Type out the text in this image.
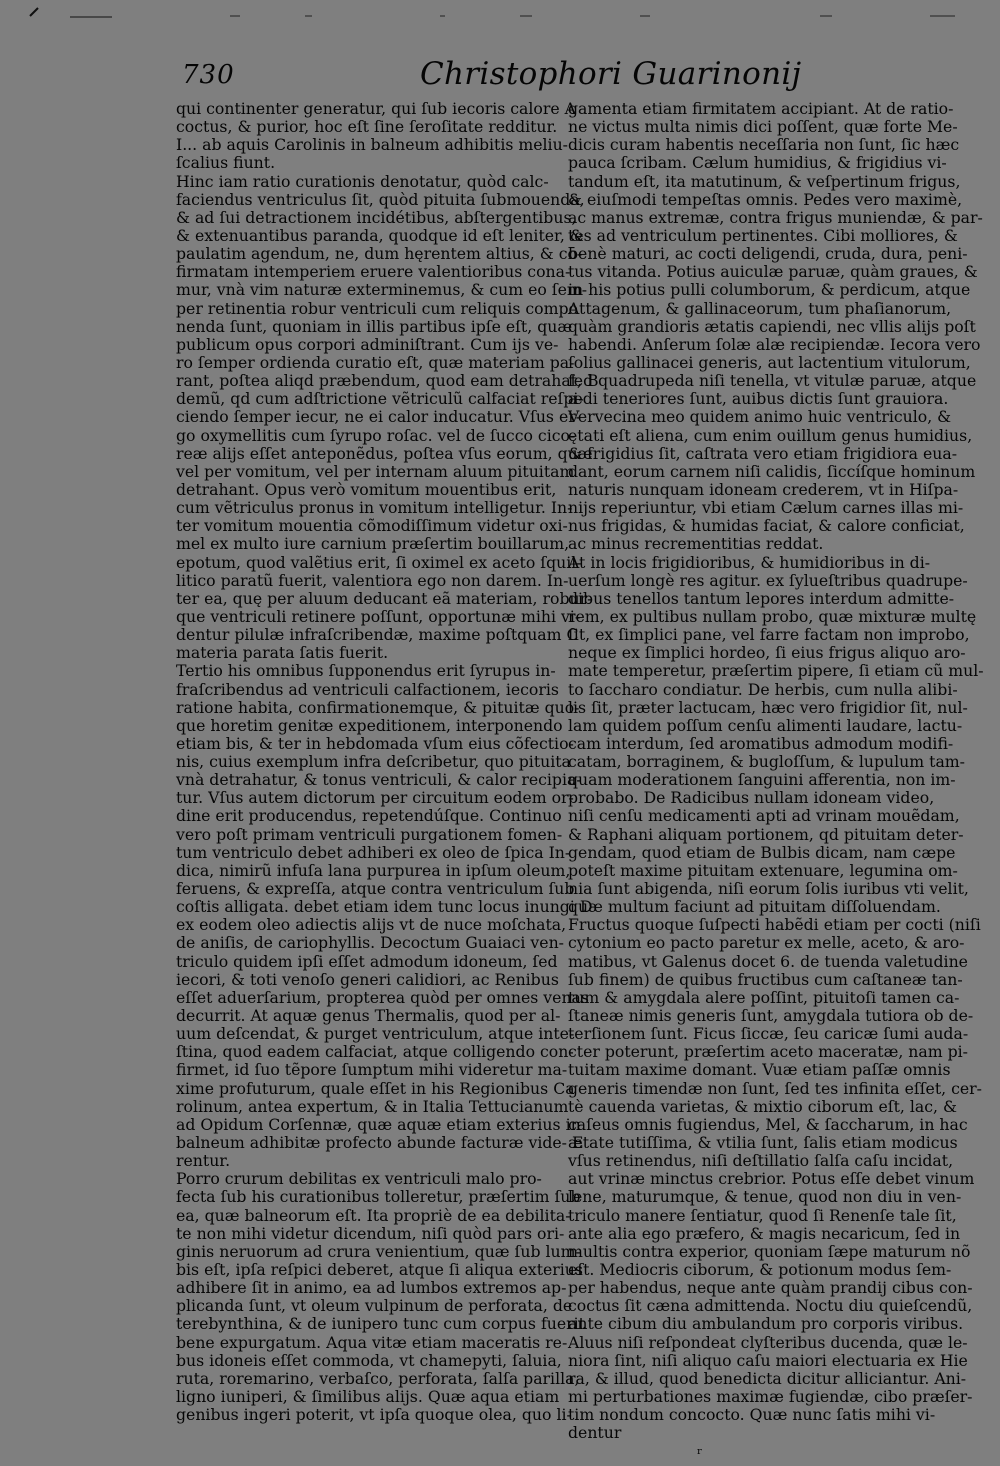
730	Christophori Guarinonij
qui continenter generatur, qui ſub iecoris calore A
coctus, & purior, hoc eſt ſine ſeroſitate redditur.
I... ab aquis Carolinis in balneum adhibitis meliu-
ſcalius fiunt.
Hinc iam ratio curationis denotatur, quòd calc-
faciendus ventriculus ſit, quòd pituita ſubmouenda,
& ad ſui detractionem incidétibus, abſtergentibus,
& extenuantibus paranda, quodque id eſt leniter, &
paulatim agendum, ne, dum hęrentem altius, & cō-
firmatam intemperiem eruere valentioribus cona-
mur, vnà vim naturæ exterminemus, & cum eo ſem-
per retinentia robur ventriculi cum reliquis compo
nenda ſunt, quoniam in illis partibus ipſe eſt, quæ
publicum opus corpori adminiſtrant. Cum ijs ve-
ro ſemper ordienda curatio eſt, quæ materiam pa-
rant, poſtea aliqd præbendum, quod eam detrahat, B
demũ, qd cum adſtrictione vẽtriculũ calfaciat reſpi-
ciendo ſemper iecur, ne ei calor inducatur. Vſus er-
go oxymellitis cum ſyrupo roſac. vel de ſucco cico-
reæ alijs eſſet anteponẽdus, poſtea vſus eorum, quæ
vel per vomitum, vel per internam aluum pituitam
detrahant. Opus verò vomitum mouentibus erit,
cum vẽtriculus pronus in vomitum intelligetur. In-
ter vomitum mouentia cõmodiſſimum videtur oxi-
mel ex multo iure carnium præſertim bouillarum,
epotum, quod valẽtius erit, ſi oximel ex aceto ſquil-
litico paratũ fuerit, valentiora ego non darem. In-
ter ea, quę per aluum deducant eã materiam, robur-
que ventriculi retinere poſſunt, opportunæ mihi vi-
dentur pilulæ infraſcribendæ, maxime poſtquam C
materia parata ſatis fuerit.
Tertio his omnibus ſupponendus erit ſyrupus in-
fraſcribendus ad ventriculi calfactionem, iecoris
ratione habita, confirmationemque, & pituitæ quo-
que horetim genitæ expeditionem, interponendo
etiam bis, & ter in hebdomada vſum eius cõfectio-
nis, cuius exemplum infra deſcribetur, quo pituita
vnà detrahatur, & tonus ventriculi, & calor recipia-
tur. Vſus autem dictorum per circuitum eodem or-
dine erit producendus, repetendúſque. Continuo
vero poſt primam ventriculi purgationem fomen-
tum ventriculo debet adhiberi ex oleo de ſpica In-
dica, nimirũ infuſa lana purpurea in ipſum oleum,
feruens, & expreſſa, atque contra ventriculum ſub
coſtis alligata. debet etiam idem tunc locus inungi D
ex eodem oleo adiectis alijs vt de nuce moſchata,
de aniſis, de cariophyllis. Decoctum Guaiaci ven-
triculo quidem ipſi eſſet admodum idoneum, ſed
iecori, & toti venoſo generi calidiori, ac Renibus
eſſet aduerſarium, propterea quòd per omnes venas
decurrit. At aquæ genus Thermalis, quod per al-
uum deſcendat, & purget ventriculum, atque inte-
ſtina, quod eadem calfaciat, atque colligendo con-
firmet, id ſuo tẽpore ſumptum mihi videretur ma-
xime profuturum, quale eſſet in his Regionibus Ca
rolinum, antea expertum, & in Italia Tettucianum
ad Opidum Corſennæ, quæ aquæ etiam exterius in
balneum adhibitæ profecto abunde facturæ vide- E
rentur.
Porro crurum debilitas ex ventriculi malo pro-
fecta ſub his curationibus tolleretur, præſertim ſub
ea, quæ balneorum eſt. Ita propriè de ea debilita-
te non mihi videtur dicendum, niſi quòd pars ori-
ginis neruorum ad crura venientium, quæ ſub lum-
bis eſt, ipſa reſpici deberet, atque ſi aliqua exterius
adhibere ſit in animo, ea ad lumbos extremos ap-
plicanda ſunt, vt oleum vulpinum de perforata, de
terebynthina, & de iunipero tunc cum corpus fuerit
bene expurgatum. Aqua vitæ etiam maceratis re-
bus idoneis eſſet commoda, vt chamepyti, ſaluia,
ruta, roremarino, verbaſco, perforata, ſalſa parilla,
ligno iuniperi, & ſimilibus alijs. Quæ aqua etiam
genibus ingeri poterit, vt ipſa quoque olea, quo li-
gamenta etiam firmitatem accipiant. At de ratio-
ne victus multa nimis dici poſſent, quæ forte Me-
dicis curam habentis neceſſaria non ſunt, ſic hæc
pauca ſcribam. Cælum humidius, & frigidius vi-
tandum eſt, ita matutinum, & veſpertinum frigus,
& eiuſmodi tempeſtas omnis. Pedes vero maximè,
ac manus extremæ, contra frigus muniendæ, & par-
tes ad ventriculum pertinentes. Cibi molliores, &
benè maturi, ac cocti deligendi, cruda, dura, peni-
tus vitanda. Potius auiculæ paruæ, quàm graues, &
in his potius pulli columborum, & perdicum, atque
Attagenum, & gallinaceorum, tum phaſianorum,
quàm grandioris ætatis capiendi, nec vllis alijs poſt
habendi. Anſerum ſolæ alæ recipiendæ. Iecora vero
ſolius gallinacei generis, aut lactentium vitulorum,
ſed quadrupeda niſi tenella, vt vitulæ paruæ, atque
ædi teneriores ſunt, auibus dictis ſunt grauiora.
Vervecina meo quidem animo huic ventriculo, &
ętati eſt aliena, cum enim ouillum genus humidius,
& frigidius ſit, caſtrata vero etiam frigidiora eua-
dant, eorum carnem niſi calidis, ſiccíſque hominum
naturis nunquam idoneam crederem, vt in Hiſpa-
nijs reperiuntur, vbi etiam Cælum carnes illas mi-
nus frigidas, & humidas faciat, & calore conficiat,
ac minus recrementitias reddat.
At in locis frigidioribus, & humidioribus in di-
uerſum longè res agitur. ex ſylueſtribus quadrupe-
dibus tenellos tantum lepores interdum admitte-
rem, ex pultibus nullam probo, quæ mixturæ multę
ſit, ex ſimplici pane, vel farre factam non improbo,
neque ex ſimplici hordeo, ſi eius frigus aliquo aro-
mate temperetur, præſertim pipere, ſi etiam cũ mul-
to ſaccharo condiatur. De herbis, cum nulla alibi-
lis ſit, præter lactucam, hæc vero frigidior ſit, nul-
lam quidem poſſum cenſu alimenti laudare, lactu-
cam interdum, ſed aromatibus admodum modifi-
catam, borraginem, & bugloſſum, & lupulum tam-
quam moderationem ſanguini afferentia, non im-
probabo. De Radicibus nullam idoneam video,
niſi cenſu medicamenti apti ad vrinam mouẽdam,
& Raphani aliquam portionem, qd pituitam deter-
gendam, quod etiam de Bulbis dicam, nam cæpe
poteſt maxime pituitam extenuare, legumina om-
nia ſunt abigenda, niſi eorum ſolis iuribus vti velit,
quæ multum faciunt ad pituitam diſſoluendam.
Fructus quoque ſuſpecti habẽdi etiam per cocti (niſi
cytonium eo pacto paretur ex melle, aceto, & aro-
matibus, vt Galenus docet 6. de tuenda valetudine
ſub finem) de quibus fructibus cum caſtaneæ tan-
tum & amygdala alere poſſint, pituitoſi tamen ca-
ſtaneæ nimis generis ſunt, amygdala tutiora ob de-
terſionem ſunt. Ficus ſiccæ, ſeu caricæ ſumi auda-
cter poterunt, præſertim aceto maceratæ, nam pi-
tuitam maxime domant. Vuæ etiam paſſæ omnis
generis timendæ non ſunt, ſed tes infinita eſſet, cer-
tè cauenda varietas, & mixtio ciborum eſt, lac, &
caſeus omnis fugiendus, Mel, & ſaccharum, in hac
ætate tutiſſima, & vtilia ſunt, ſalis etiam modicus
vſus retinendus, niſi deſtillatio ſalſa caſu incidat,
aut vrinæ minctus crebrior. Potus eſſe debet vinum
lene, maturumque, & tenue, quod non diu in ven-
triculo manere ſentiatur, quod ſi Renenſe tale ſit,
ante alia ego præfero, & magis necaricum, ſed in
multis contra experior, quoniam ſæpe maturum nõ
eſt. Mediocris ciborum, & potionum modus ſem-
per habendus, neque ante quàm prandij cibus con-
coctus ſit cæna admittenda. Noctu diu quieſcendũ,
ante cibum diu ambulandum pro corporis viribus.
Aluus niſi reſpondeat clyſteribus ducenda, quæ le-
niora ſint, niſi aliquo caſu maiori electuaria ex Hie
ra, & illud, quod benedicta dicitur alliciantur. Ani-
mi perturbationes maximæ fugiendæ, cibo præſer-
tim nondum concocto. Quæ nunc ſatis mihi vi-
dentur
ʳ
